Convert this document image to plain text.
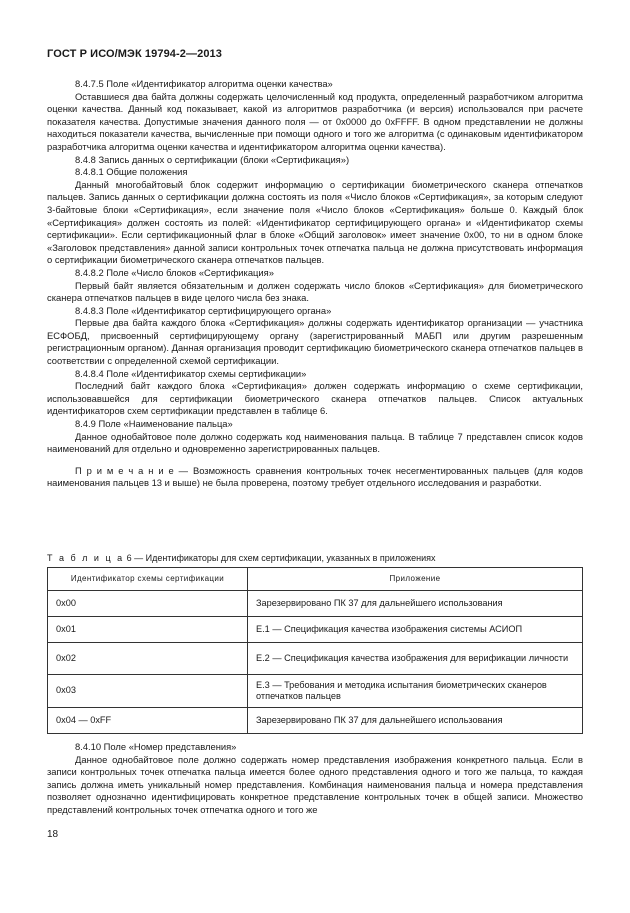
ГОСТ Р ИСО/МЭК 19794-2—2013

8.4.7.5 Поле «Идентификатор алгоритма оценки качества»

Оставшиеся два байта должны содержать целочисленный код продукта, определенный разработчиком алгоритма оценки качества. Данный код показывает, какой из алгоритмов разработчика (и версия) использовался при расчете показателя качества. Допустимые значения данного поля — от 0x0000 до 0xFFFF. В одном представлении не должны находиться показатели качества, вычисленные при помощи одного и того же алгоритма (с одинаковым идентификатором разработчика алгоритма оценки качества и идентификатором алгоритма оценки качества).

8.4.8 Запись данных о сертификации (блоки «Сертификация»)

8.4.8.1 Общие положения

Данный многобайтовый блок содержит информацию о сертификации биометрического сканера отпечатков пальцев. Запись данных о сертификации должна состоять из поля «Число блоков «Сертификация», за которым следуют 3-байтовые блоки «Сертификация», если значение поля «Число блоков «Сертификация» больше 0. Каждый блок «Сертификация» должен состоять из полей: «Идентификатор сертифицирующего органа» и «Идентификатор схемы сертификации». Если сертификационный флаг в блоке «Общий заголовок» имеет значение 0x00, то ни в одном блоке «Заголовок представления» данной записи контрольных точек отпечатка пальца не должна присутствовать информация о сертификации биометрического сканера отпечатков пальцев.

8.4.8.2 Поле «Число блоков «Сертификация»

Первый байт является обязательным и должен содержать число блоков «Сертификация» для биометрического сканера отпечатков пальцев в виде целого числа без знака.

8.4.8.3 Поле «Идентификатор сертифицирующего органа»

Первые два байта каждого блока «Сертификация» должны содержать идентификатор организации — участника ЕСФОБД, присвоенный сертифицирующему органу (зарегистрированный МАБП или другим разрешенным регистрационным органом). Данная организация проводит сертификацию биометрического сканера отпечатков пальцев в соответствии с определенной схемой сертификации.

8.4.8.4 Поле «Идентификатор схемы сертификации»

Последний байт каждого блока «Сертификация» должен содержать информацию о схеме сертификации, использовавшейся для сертификации биометрического сканера отпечатков пальцев. Список актуальных идентификаторов схем сертификации представлен в таблице 6.

8.4.9 Поле «Наименование пальца»

Данное однобайтовое поле должно содержать код наименования пальца. В таблице 7 представлен список кодов наименований для отдельно и одновременно зарегистрированных пальцев.

П р и м е ч а н и е — Возможность сравнения контрольных точек несегментированных пальцев (для кодов наименования пальцев 13 и выше) не была проверена, поэтому требует отдельного исследования и разработки.

Т а б л и ц а 6 — Идентификаторы для схем сертификации, указанных в приложениях
Идентификатор схемы сертификации	Приложение
0x00	Зарезервировано ПК 37 для дальнейшего использования
0x01	Е.1 — Спецификация качества изображения системы АСИОП
0x02	Е.2 — Спецификация качества изображения для верификации личности
0x03	Е.3 — Требования и методика испытания биометрических сканеров отпечатков пальцев
0x04 — 0xFF	Зарезервировано ПК 37 для дальнейшего использования

8.4.10 Поле «Номер представления»

Данное однобайтовое поле должно содержать номер представления изображения конкретного пальца. Если в записи контрольных точек отпечатка пальца имеется более одного представления одного и того же пальца, то каждая запись должна иметь уникальный номер представления. Комбинация наименования пальца и номера представления позволяет однозначно идентифицировать конкретное представление контрольных точек в общей записи. Множество представлений контрольных точек отпечатка одного и того же

18
